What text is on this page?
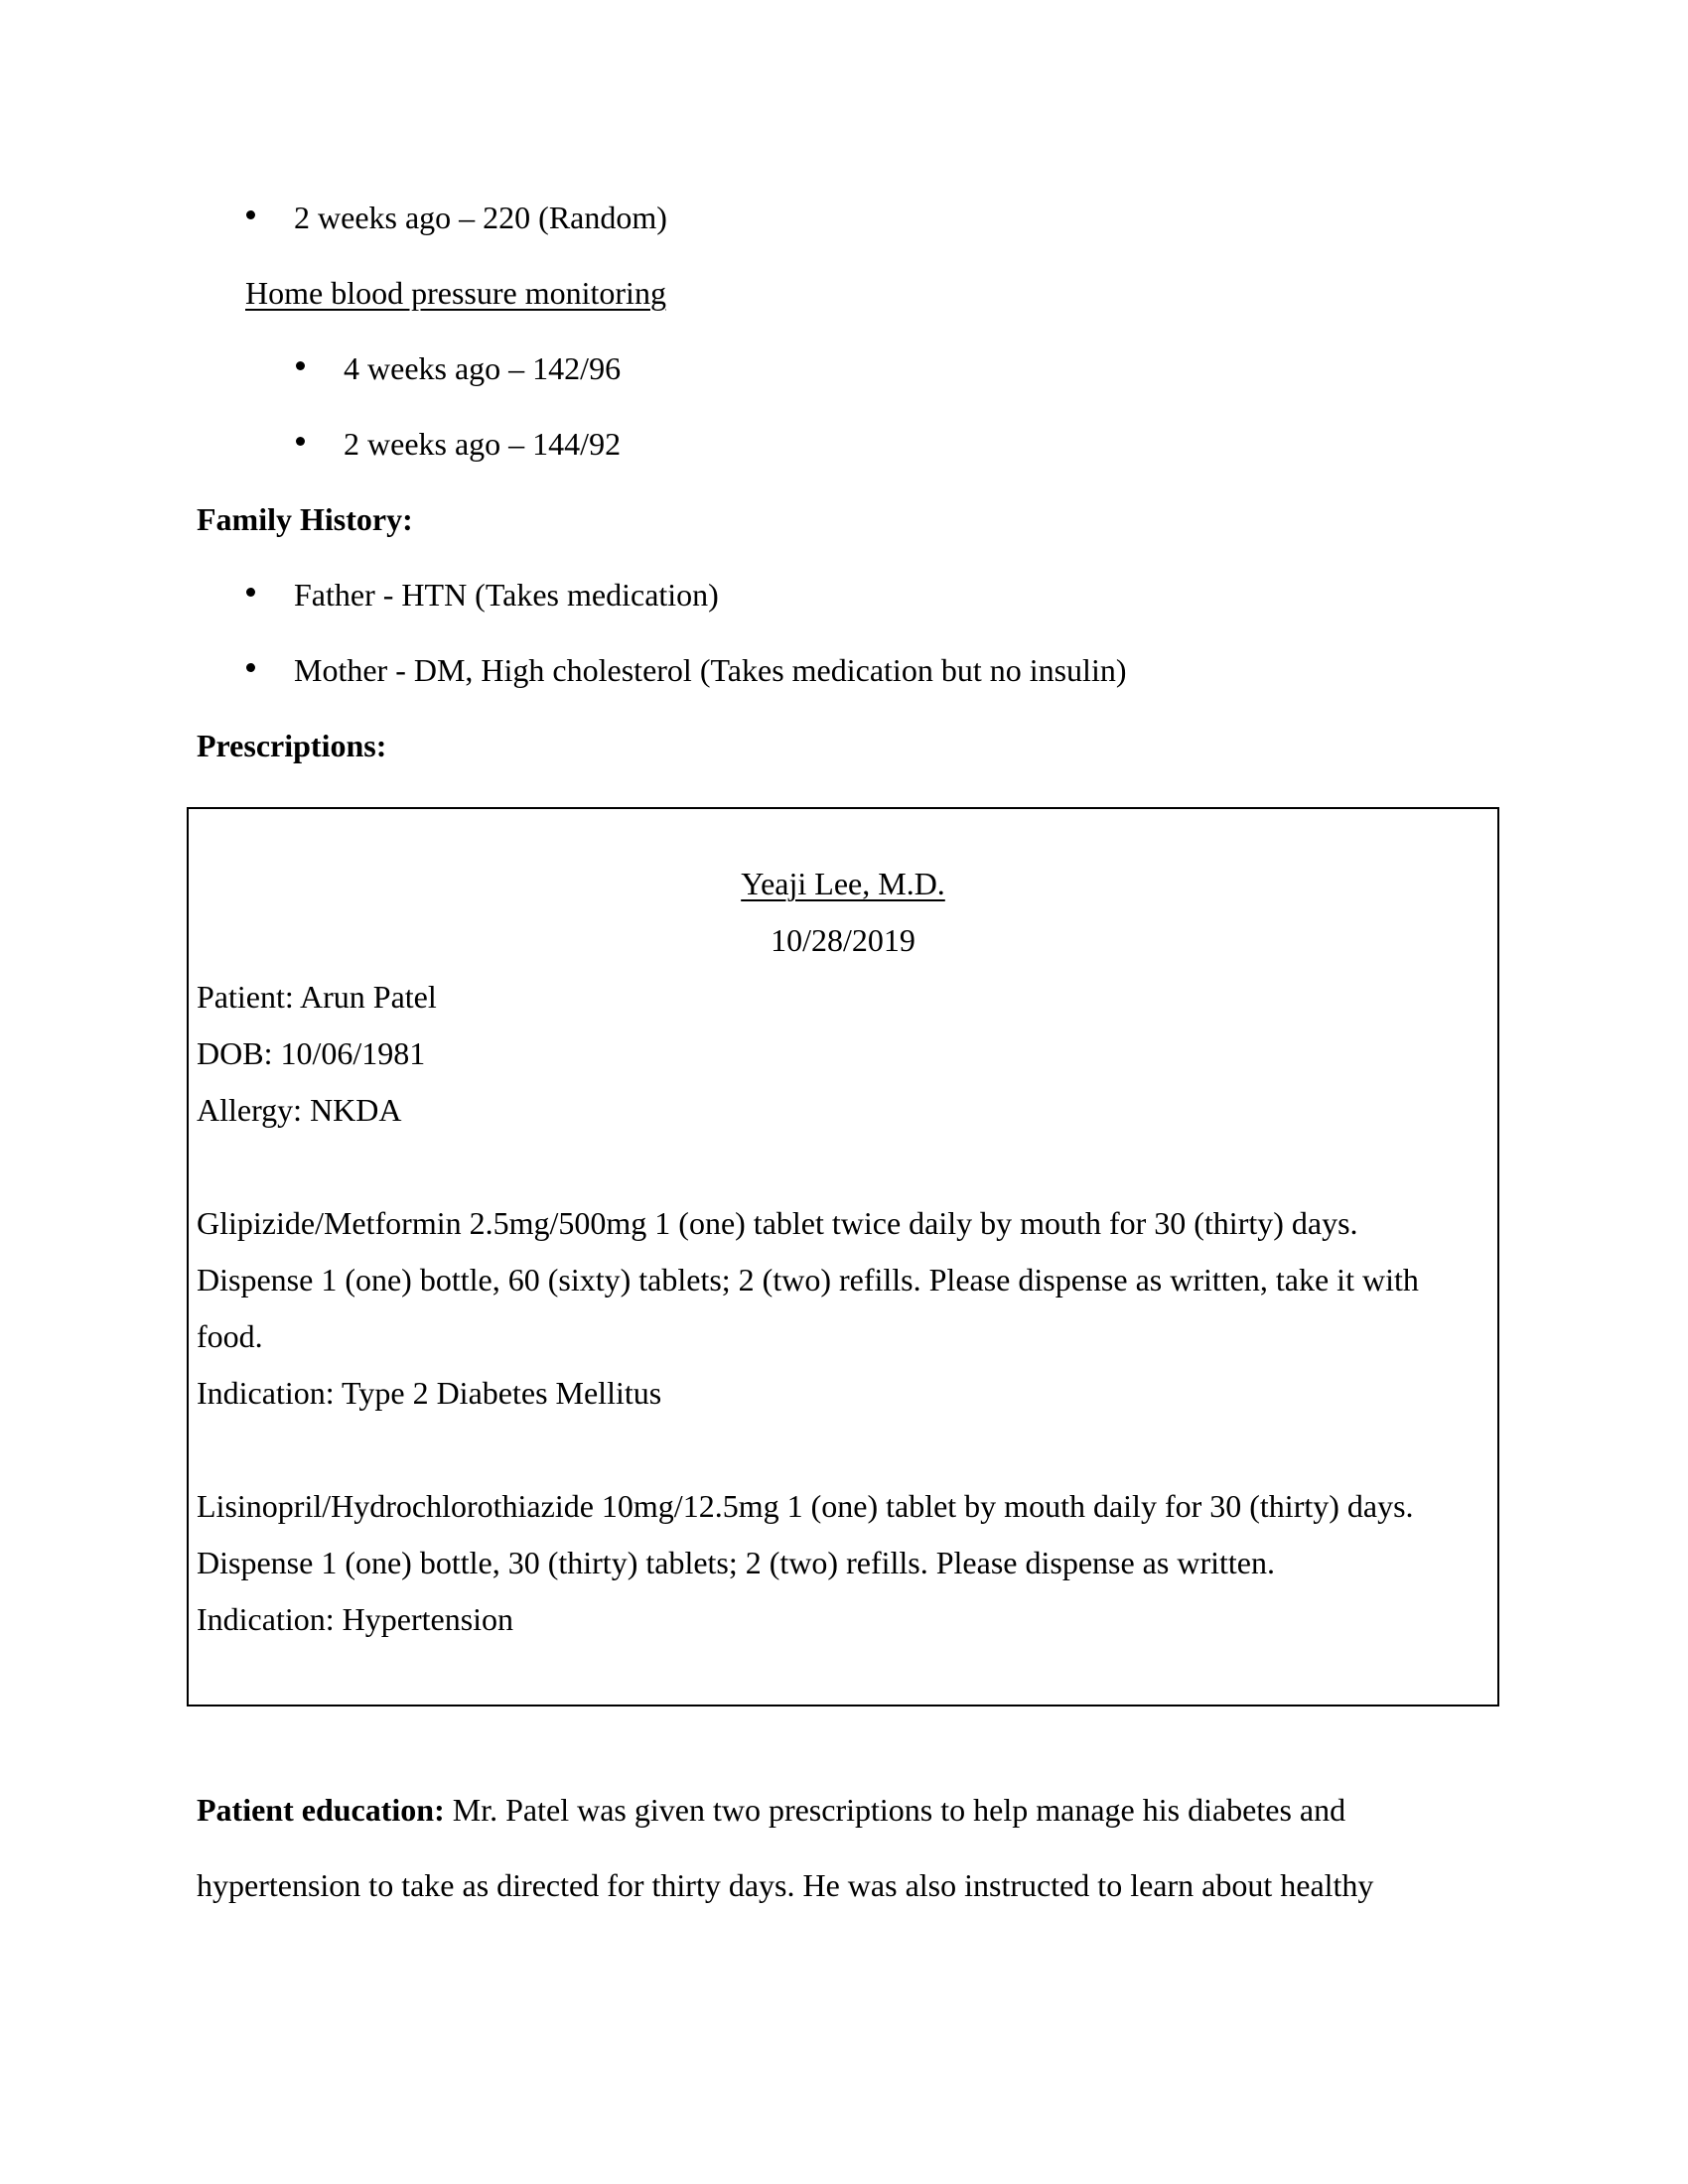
2 weeks ago – 220 (Random)
Home blood pressure monitoring
4 weeks ago – 142/96
2 weeks ago – 144/92
Family History:
Father - HTN (Takes medication)
Mother - DM, High cholesterol (Takes medication but no insulin)
Prescriptions:
Yeaji Lee, M.D.
10/28/2019
Patient: Arun Patel
DOB: 10/06/1981
Allergy: NKDA
Glipizide/Metformin 2.5mg/500mg 1 (one) tablet twice daily by mouth for 30 (thirty) days.
Dispense 1 (one) bottle, 60 (sixty) tablets; 2 (two) refills. Please dispense as written, take it with
food.
Indication: Type 2 Diabetes Mellitus
Lisinopril/Hydrochlorothiazide 10mg/12.5mg 1 (one) tablet by mouth daily for 30 (thirty) days.
Dispense 1 (one) bottle, 30 (thirty) tablets; 2 (two) refills. Please dispense as written.
Indication: Hypertension
Patient education: Mr. Patel was given two prescriptions to help manage his diabetes and
hypertension to take as directed for thirty days. He was also instructed to learn about healthy
